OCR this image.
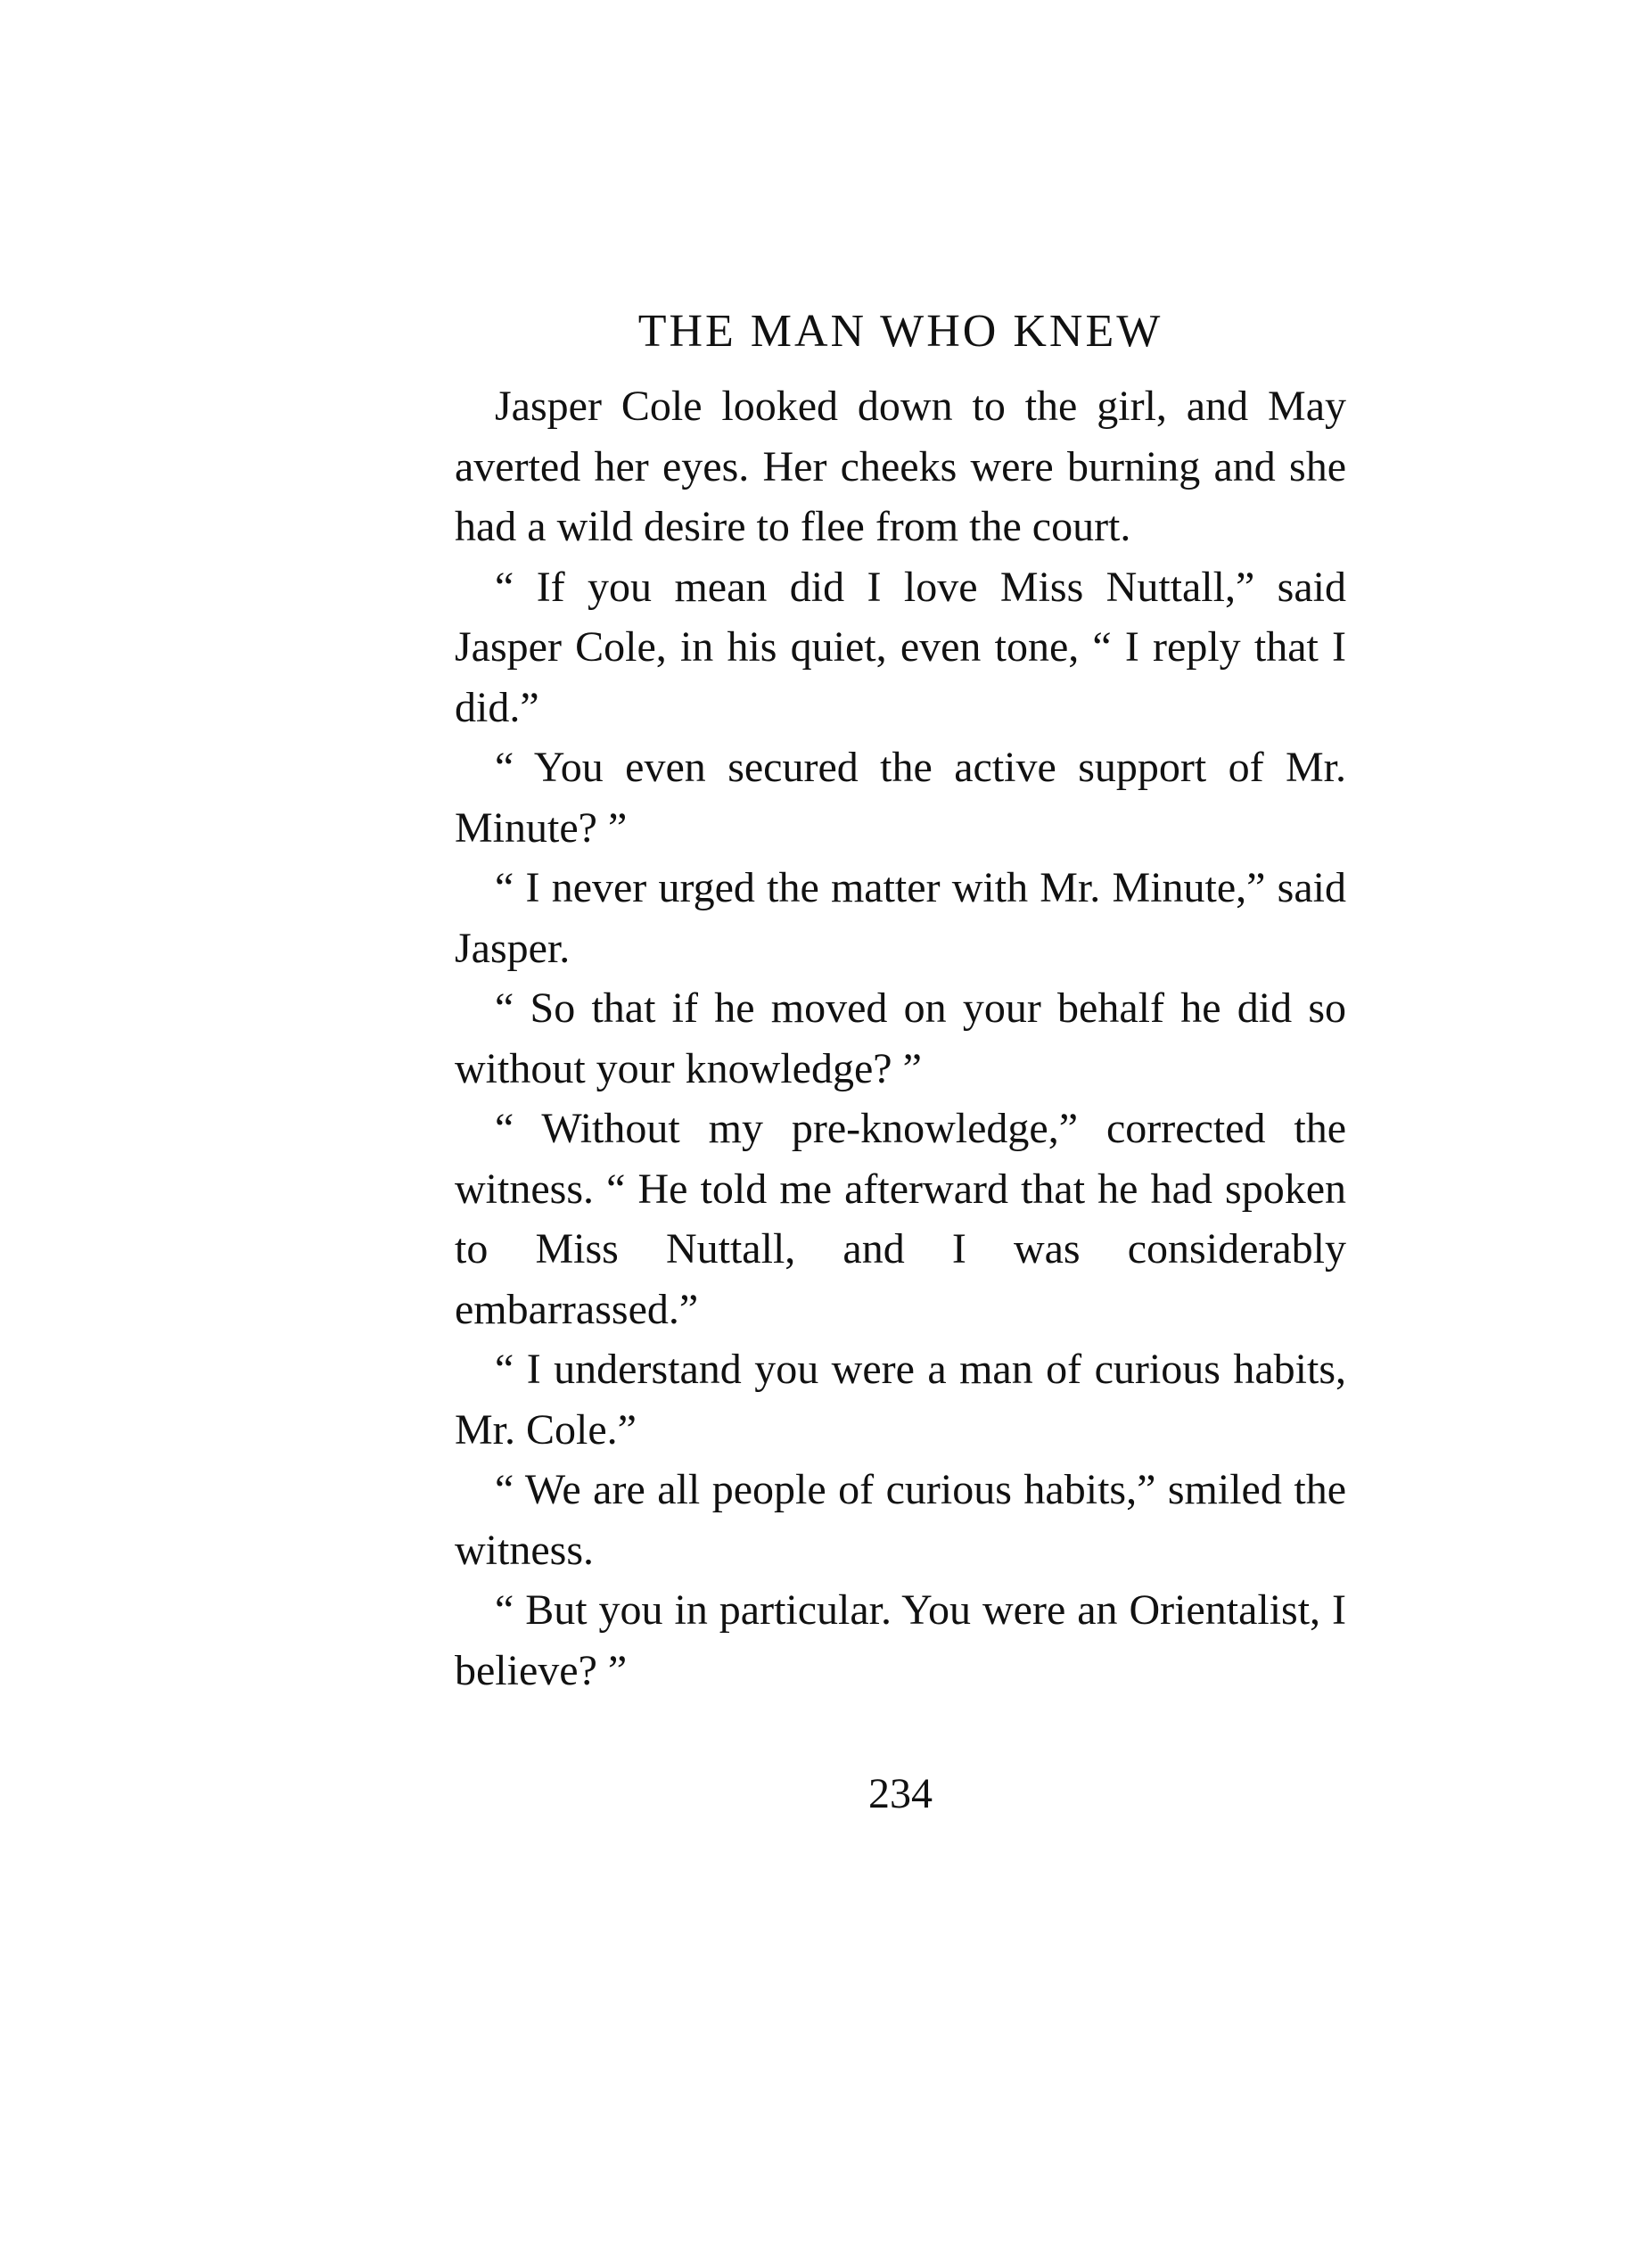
THE MAN WHO KNEW

Jasper Cole looked down to the girl, and May averted her eyes. Her cheeks were burning and she had a wild desire to flee from the court.

“ If you mean did I love Miss Nuttall,” said Jasper Cole, in his quiet, even tone, “ I reply that I did.”

“ You even secured the active support of Mr. Minute? ”

“ I never urged the matter with Mr. Minute,” said Jasper.

“ So that if he moved on your behalf he did so without your knowledge? ”

“ Without my pre-knowledge,” corrected the witness. “ He told me afterward that he had spoken to Miss Nuttall, and I was considerably embarrassed.”

“ I understand you were a man of curious habits, Mr. Cole.”

“ We are all people of curious habits,” smiled the witness.

“ But you in particular. You were an Orientalist, I believe? ”

234
